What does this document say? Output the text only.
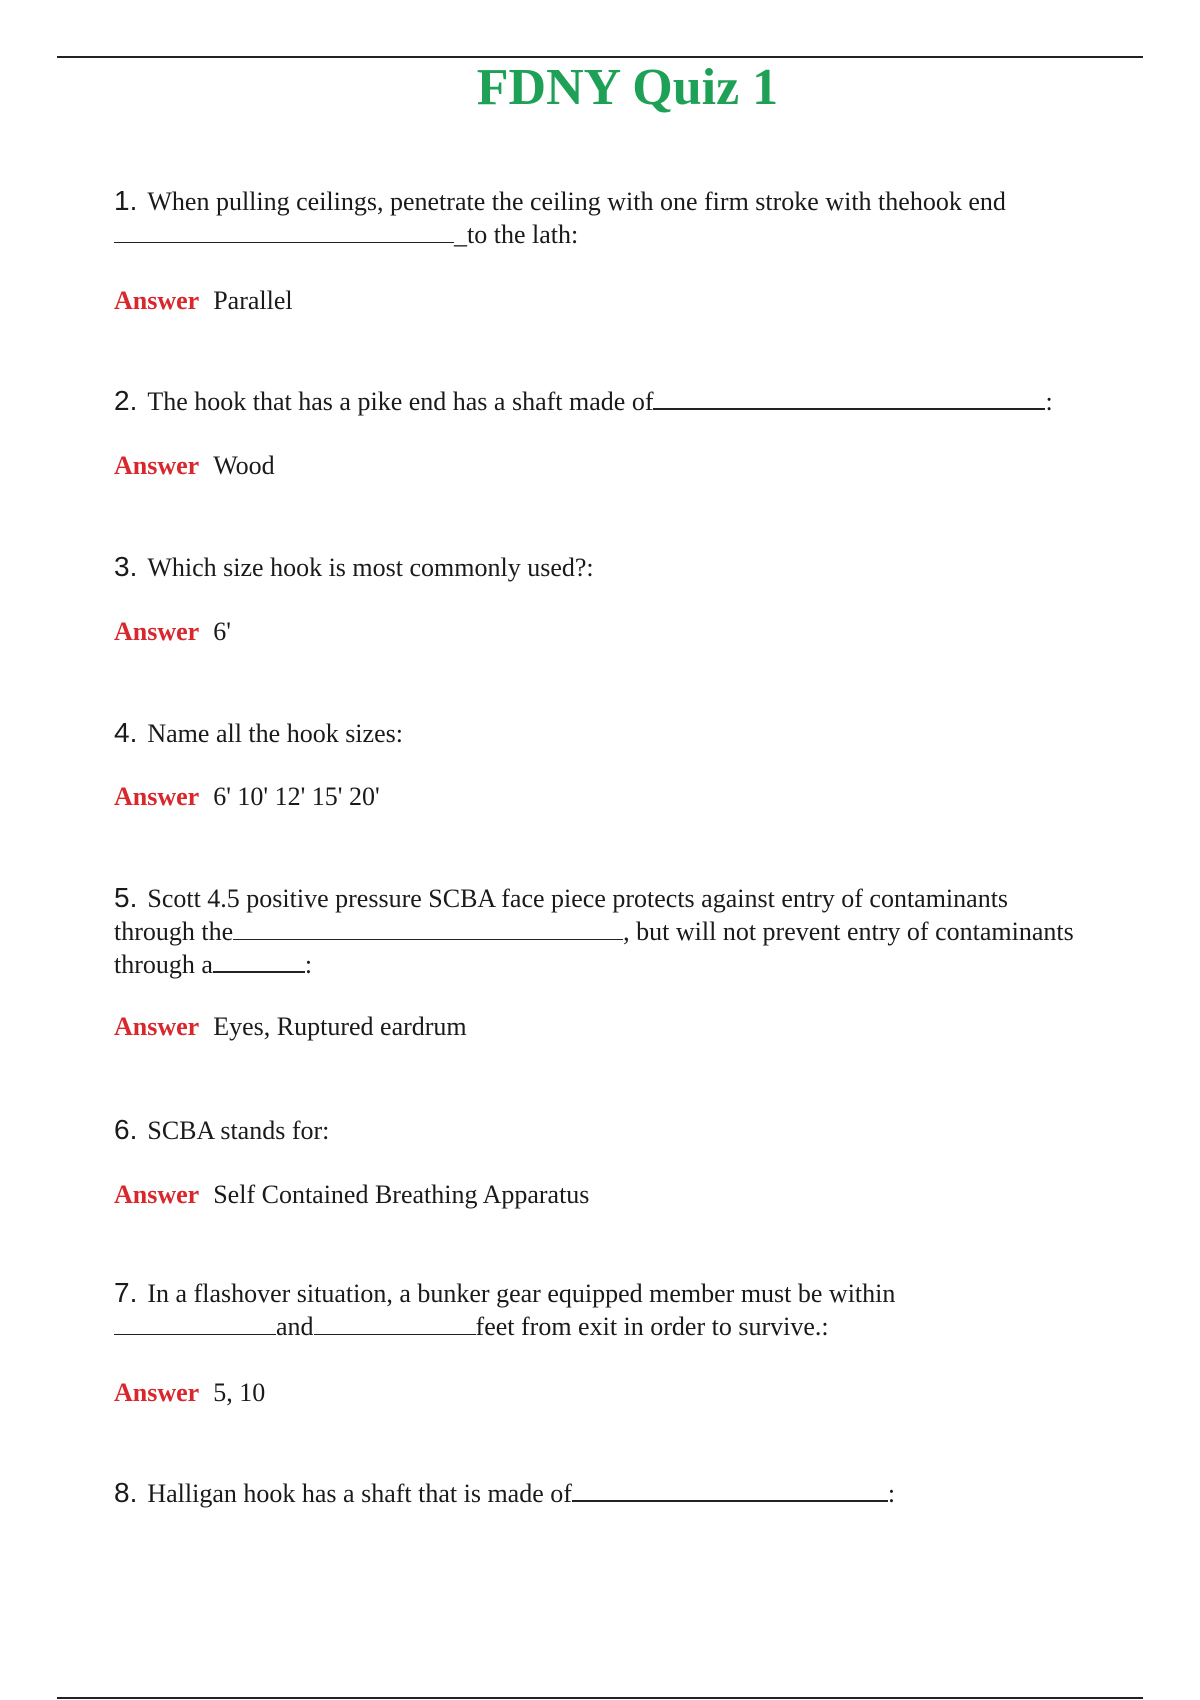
FDNY Quiz 1
1. When pulling ceilings, penetrate the ceiling with one firm stroke with thehook end
_to the lath:
Answer Parallel
2. The hook that has a pike end has a shaft made of	:
Answer Wood
3. Which size hook is most commonly used?:
Answer 6'
4. Name all the hook sizes:
Answer 6' 10' 12' 15' 20'
5. Scott 4.5 positive pressure SCBA face piece protects against entry of contaminants
through the	, but will not prevent entry of contaminants
through a	:
Answer Eyes, Ruptured eardrum
6. SCBA stands for:
Answer Self Contained Breathing Apparatus
7. In a flashover situation, a bunker gear equipped member must be within
and	feet from exit in order to survive.:
Answer 5, 10
8. Halligan hook has a shaft that is made of	:
